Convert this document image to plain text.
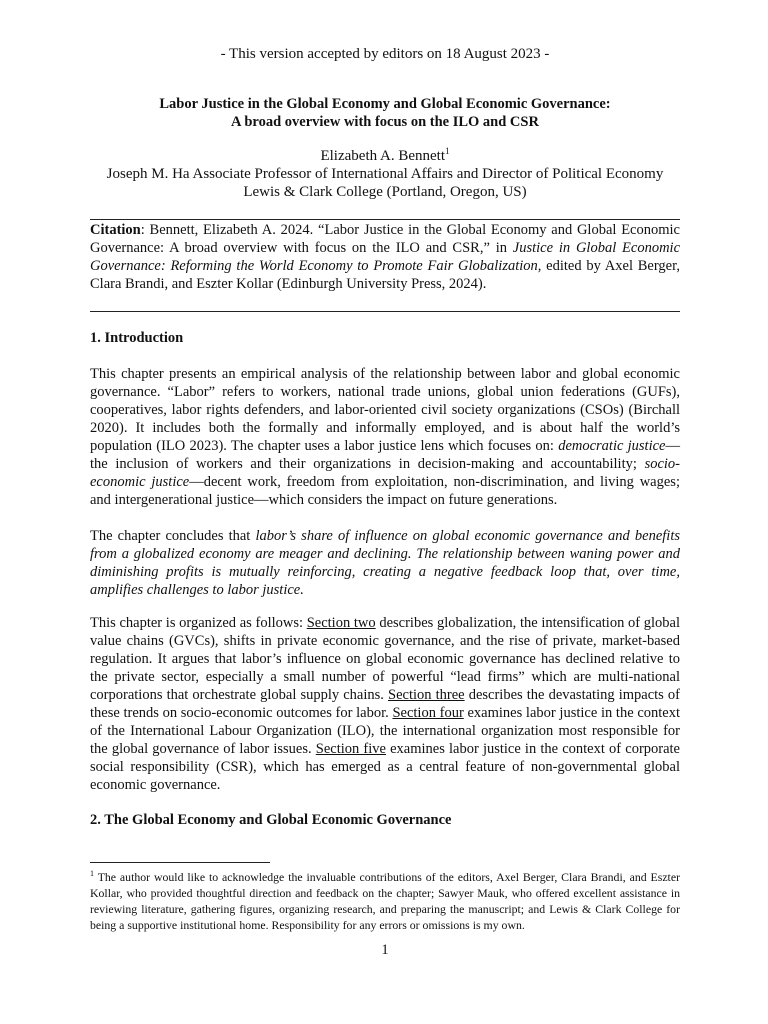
- This version accepted by editors on 18 August 2023 -
Labor Justice in the Global Economy and Global Economic Governance:
A broad overview with focus on the ILO and CSR
Elizabeth A. Bennett$^1$
Joseph M. Ha Associate Professor of International Affairs and Director of Political Economy
Lewis & Clark College (Portland, Oregon, US)
Citation: Bennett, Elizabeth A. 2024. “Labor Justice in the Global Economy and Global Economic Governance: A broad overview with focus on the ILO and CSR,” in Justice in Global Economic Governance: Reforming the World Economy to Promote Fair Globalization, edited by Axel Berger, Clara Brandi, and Eszter Kollar (Edinburgh University Press, 2024).
1. Introduction
This chapter presents an empirical analysis of the relationship between labor and global economic governance. “Labor” refers to workers, national trade unions, global union federations (GUFs), cooperatives, labor rights defenders, and labor-oriented civil society organizations (CSOs) (Birchall 2020). It includes both the formally and informally employed, and is about half the world’s population (ILO 2023). The chapter uses a labor justice lens which focuses on: democratic justice—the inclusion of workers and their organizations in decision-making and accountability; socio-economic justice—decent work, freedom from exploitation, non-discrimination, and living wages; and intergenerational justice—which considers the impact on future generations.
The chapter concludes that labor’s share of influence on global economic governance and benefits from a globalized economy are meager and declining. The relationship between waning power and diminishing profits is mutually reinforcing, creating a negative feedback loop that, over time, amplifies challenges to labor justice.
This chapter is organized as follows: Section two describes globalization, the intensification of global value chains (GVCs), shifts in private economic governance, and the rise of private, market-based regulation. It argues that labor’s influence on global economic governance has declined relative to the private sector, especially a small number of powerful “lead firms” which are multi-national corporations that orchestrate global supply chains. Section three describes the devastating impacts of these trends on socio-economic outcomes for labor. Section four examines labor justice in the context of the International Labour Organization (ILO), the international organization most responsible for the global governance of labor issues. Section five examines labor justice in the context of corporate social responsibility (CSR), which has emerged as a central feature of non-governmental global economic governance.
2. The Global Economy and Global Economic Governance
$^1$ The author would like to acknowledge the invaluable contributions of the editors, Axel Berger, Clara Brandi, and Eszter Kollar, who provided thoughtful direction and feedback on the chapter; Sawyer Mauk, who offered excellent assistance in reviewing literature, gathering figures, organizing research, and preparing the manuscript; and Lewis & Clark College for being a supportive institutional home. Responsibility for any errors or omissions is my own.
1
